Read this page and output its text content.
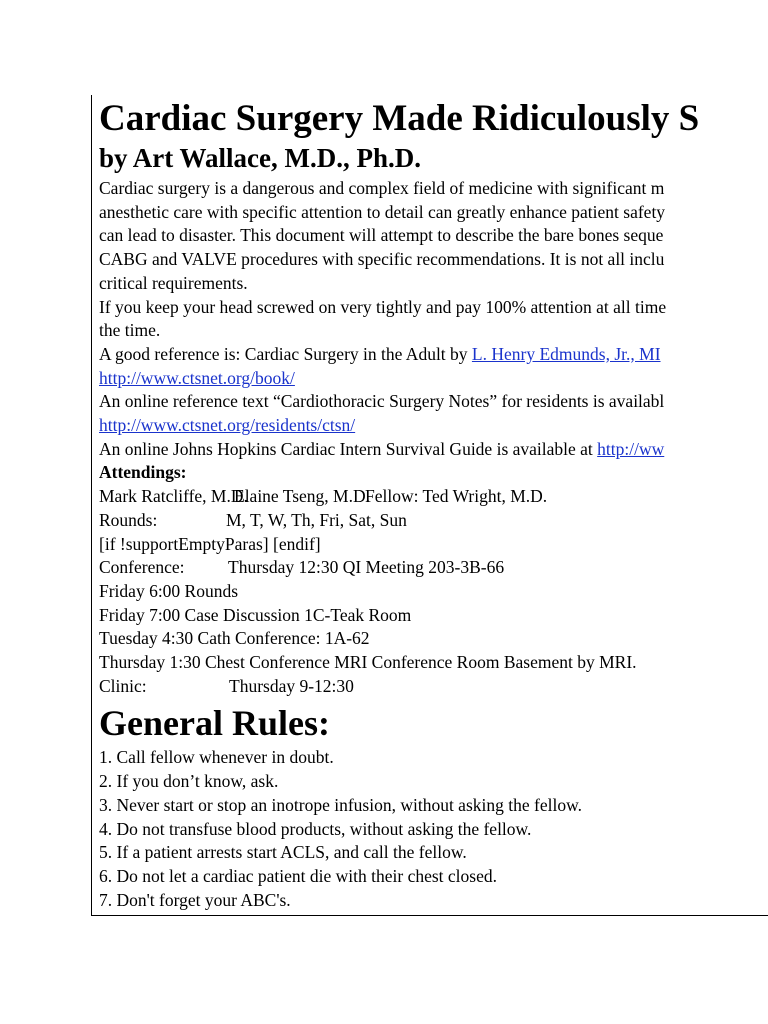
Cardiac Surgery Made Ridiculously S
by Art Wallace, M.D., Ph.D.
Cardiac surgery is a dangerous and complex field of medicine with significant m
anesthetic care with specific attention to detail can greatly enhance patient safety
can lead to disaster. This document will attempt to describe the bare bones seque
CABG and VALVE procedures with specific recommendations. It is not all inclu
critical requirements.
If you keep your head screwed on very tightly and pay 100% attention at all time
the time.
A good reference is: Cardiac Surgery in the Adult by L. Henry Edmunds, Jr., MI
http://www.ctsnet.org/book/
An online reference text “Cardiothoracic Surgery Notes” for residents is availabl
http://www.ctsnet.org/residents/ctsn/
An online Johns Hopkins Cardiac Intern Survival Guide is available at http://ww
Attendings:
Mark Ratcliffe, M.D.Elaine Tseng, M.D.Fellow: Ted Wright, M.D.
Rounds:	M, T, W, Th, Fri, Sat, Sun
[if !supportEmptyParas] [endif]
Conference: Thursday 12:30 QI Meeting 203-3B-66
Friday 6:00 Rounds
Friday 7:00 Case Discussion 1C-Teak Room
Tuesday 4:30 Cath Conference: 1A-62
Thursday 1:30 Chest Conference MRI Conference Room Basement by MRI.
Clinic:	Thursday 9-12:30
General Rules:
1. Call fellow whenever in doubt.
2. If you don’t know, ask.
3. Never start or stop an inotrope infusion, without asking the fellow.
4. Do not transfuse blood products, without asking the fellow.
5. If a patient arrests start ACLS, and call the fellow.
6. Do not let a cardiac patient die with their chest closed.
7. Don't forget your ABC's.
